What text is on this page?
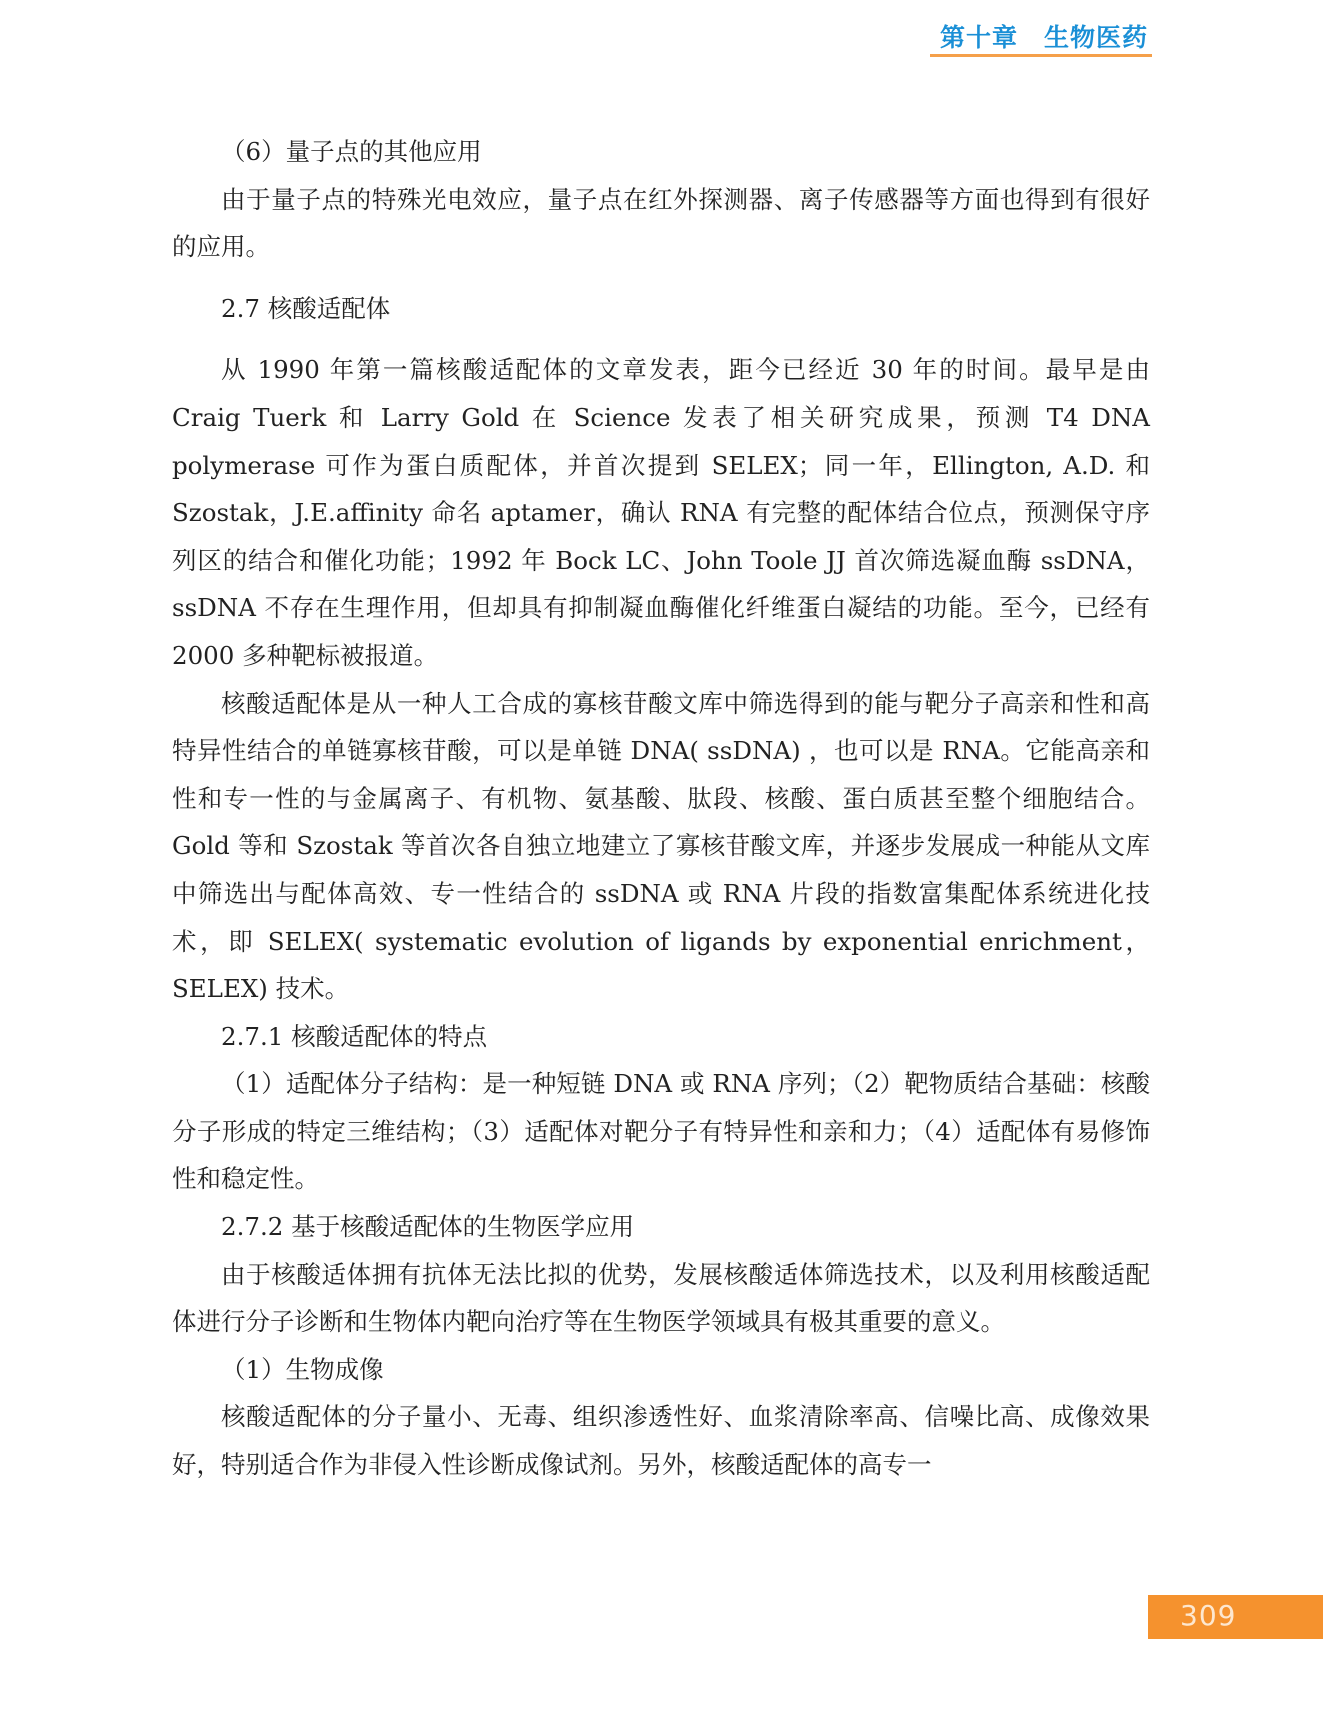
第十章　生物医药

（6）量子点的其他应用

由于量子点的特殊光电效应，量子点在红外探测器、离子传感器等方面也得到有很好的应用。

2.7 核酸适配体

从 1990 年第一篇核酸适配体的文章发表，距今已经近 30 年的时间。最早是由 Craig Tuerk 和 Larry Gold 在 Science 发表了相关研究成果，预测 T4 DNA polymerase 可作为蛋白质配体，并首次提到 SELEX；同一年，Ellington, A.D. 和 Szostak，J.E.affinity 命名 aptamer，确认 RNA 有完整的配体结合位点，预测保守序列区的结合和催化功能；1992 年 Bock LC、John Toole JJ 首次筛选凝血酶 ssDNA，ssDNA 不存在生理作用，但却具有抑制凝血酶催化纤维蛋白凝结的功能。至今，已经有 2000 多种靶标被报道。

核酸适配体是从一种人工合成的寡核苷酸文库中筛选得到的能与靶分子高亲和性和高特异性结合的单链寡核苷酸，可以是单链 DNA( ssDNA) ，也可以是 RNA。它能高亲和性和专一性的与金属离子、有机物、氨基酸、肽段、核酸、蛋白质甚至整个细胞结合。Gold 等和 Szostak 等首次各自独立地建立了寡核苷酸文库，并逐步发展成一种能从文库中筛选出与配体高效、专一性结合的 ssDNA 或 RNA 片段的指数富集配体系统进化技术，即 SELEX( systematic evolution of ligands by exponential enrichment，SELEX) 技术。

2.7.1 核酸适配体的特点

（1）适配体分子结构：是一种短链 DNA 或 RNA 序列；（2）靶物质结合基础：核酸分子形成的特定三维结构；（3）适配体对靶分子有特异性和亲和力；（4）适配体有易修饰性和稳定性。

2.7.2 基于核酸适配体的生物医学应用

由于核酸适体拥有抗体无法比拟的优势，发展核酸适体筛选技术，以及利用核酸适配体进行分子诊断和生物体内靶向治疗等在生物医学领域具有极其重要的意义。

（1）生物成像

核酸适配体的分子量小、无毒、组织渗透性好、血浆清除率高、信噪比高、成像效果好，特别适合作为非侵入性诊断成像试剂。另外，核酸适配体的高专一

309
